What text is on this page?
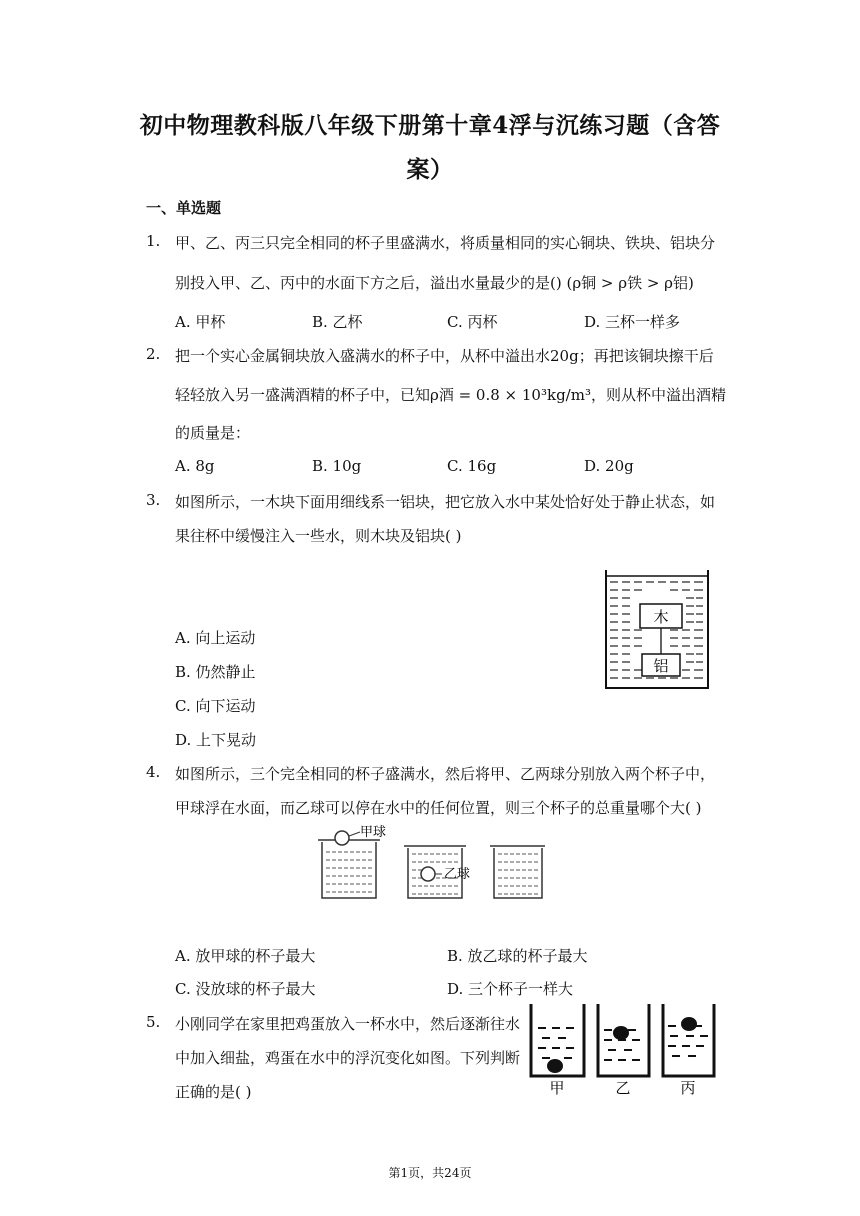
初中物理教科版八年级下册第十章4浮与沉练习题（含答
案）
一、单选题
1. 甲、乙、丙三只完全相同的杯子里盛满水，将质量相同的实心铜块、铁块、铝块分
别投入甲、乙、丙中的水面下方之后，溢出水量最少的是() (ρ铜 > ρ铁 > ρ铝)
A. 甲杯	B. 乙杯	C. 丙杯	D. 三杯一样多
2. 把一个实心金属铜块放入盛满水的杯子中，从杯中溢出水20g；再把该铜块擦干后
轻轻放入另一盛满酒精的杯子中，已知ρ酒 = 0.8 × 10³kg/m³，则从杯中溢出酒精
的质量是：
A. 8g	B. 10g	C. 16g	D. 20g
3. 如图所示，一木块下面用细线系一铝块，把它放入水中某处恰好处于静止状态，如
果往杯中缓慢注入一些水，则木块及铝块( )
A. 向上运动
B. 仍然静止
C. 向下运动
D. 上下晃动
木
铝
4. 如图所示，三个完全相同的杯子盛满水，然后将甲、乙两球分别放入两个杯子中，
甲球浮在水面，而乙球可以停在水中的任何位置，则三个杯子的总重量哪个大( )
甲球
乙球
A. 放甲球的杯子最大	B. 放乙球的杯子最大
C. 没放球的杯子最大	D. 三个杯子一样大
5. 小刚同学在家里把鸡蛋放入一杯水中，然后逐渐往水
中加入细盐，鸡蛋在水中的浮沉变化如图。下列判断
正确的是( )	甲	乙	丙
第1页，共24页
